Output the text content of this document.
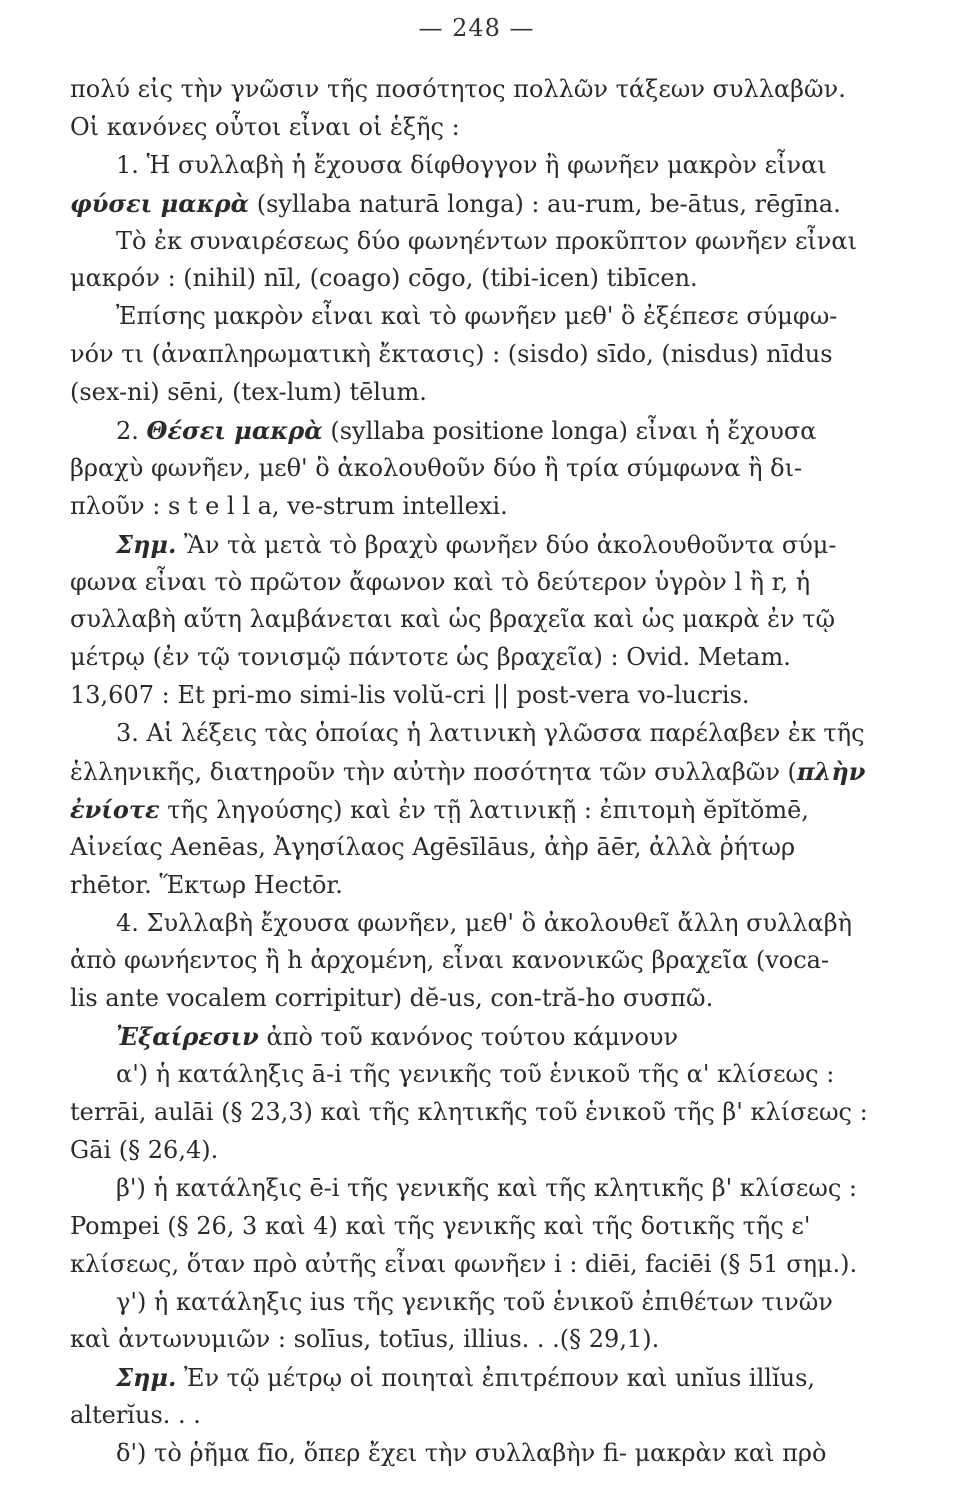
— 248 —
πολύ εἰς τὴν γνῶσιν τῆς ποσότητος πολλῶν τάξεων συλλαβῶν.
Οἱ κανόνες οὗτοι εἶναι οἱ ἑξῆς :
1. Ἡ συλλαβὴ ἡ ἔχουσα δίφθογγον ἢ φωνῆεν μακρὸν εἶναι
φύσει μακρὰ (syllaba naturā longa) : au-rum, be-ātus, rēgīna.
Τὸ ἐκ συναιρέσεως δύο φωνηέντων προκῦπτον φωνῆεν εἶναι
μακρόν : (nihil) nīl, (coago) cōgo, (tibi-icen) tibīcen.
Ἐπίσης μακρὸν εἶναι καὶ τὸ φωνῆεν μεθ' ὃ ἐξέπεσε σύμφω-
νόν τι (ἀναπληρωματικὴ ἔκτασις) : (sisdo) sīdo, (nisdus) nīdus
(sex-ni) sēni, (tex-lum) tēlum.
2. Θέσει μακρὰ (syllaba positione longa) εἶναι ἡ ἔχουσα
βραχὺ φωνῆεν, μεθ' ὃ ἀκολουθοῦν δύο ἢ τρία σύμφωνα ἢ δι-
πλοῦν : s t e l l a, ve-strum intellexi.
Σημ. Ἂν τὰ μετὰ τὸ βραχὺ φωνῆεν δύο ἀκολουθοῦντα σύμ-
φωνα εἶναι τὸ πρῶτον ἄφωνον καὶ τὸ δεύτερον ὑγρὸν l ἢ r, ἡ
συλλαβὴ αὕτη λαμβάνεται καὶ ὡς βραχεῖα καὶ ὡς μακρὰ ἐν τῷ
μέτρῳ (ἐν τῷ τονισμῷ πάντοτε ὡς βραχεῖα) : Ovid. Metam.
13,607 : Et pri-mo simi-lis volŭ-cri || post-vera vo-lucris.
3. Αἱ λέξεις τὰς ὁποίας ἡ λατινικὴ γλῶσσα παρέλαβεν ἐκ τῆς
ἑλληνικῆς, διατηροῦν τὴν αὐτὴν ποσότητα τῶν συλλαβῶν (πλὴν
ἐνίοτε τῆς ληγούσης) καὶ ἐν τῇ λατινικῇ : ἐπιτομὴ ĕpĭtŏmē,
Αἰνείας Aenēas, Ἀγησίλαος Agēsīlāus, ἀὴρ āēr, ἀλλὰ ῥήτωρ
rhētor. Ἕκτωρ Hectōr.
4. Συλλαβὴ ἔχουσα φωνῆεν, μεθ' ὃ ἀκολουθεῖ ἄλλη συλλαβὴ
ἀπὸ φωνήεντος ἢ h ἀρχομένη, εἶναι κανονικῶς βραχεῖα (voca-
lis ante vocalem corripitur) dĕ-us, con-tră-ho συσπῶ.
Ἐξαίρεσιν ἀπὸ τοῦ κανόνος τούτου κάμνουν
α') ἡ κατάληξις ā-i τῆς γενικῆς τοῦ ἑνικοῦ τῆς α' κλίσεως :
terrāi, aulāi (§ 23,3) καὶ τῆς κλητικῆς τοῦ ἑνικοῦ τῆς β' κλίσεως :
Gāi (§ 26,4).
β') ἡ κατάληξις ē-i τῆς γενικῆς καὶ τῆς κλητικῆς β' κλίσεως :
Pompei (§ 26, 3 καὶ 4) καὶ τῆς γενικῆς καὶ τῆς δοτικῆς τῆς ε'
κλίσεως, ὅταν πρὸ αὐτῆς εἶναι φωνῆεν i : diēi, faciēi (§ 51 σημ.).
γ') ἡ κατάληξις ius τῆς γενικῆς τοῦ ἑνικοῦ ἐπιθέτων τινῶν
καὶ ἀντωνυμιῶν : solīus, totīus, illius. . .(§ 29,1).
Σημ. Ἐν τῷ μέτρῳ οἱ ποιηταὶ ἐπιτρέπουν καὶ unĭus illĭus,
alterĭus. . .
δ') τὸ ῥῆμα fīo, ὅπερ ἔχει τὴν συλλαβὴν fi- μακρὰν καὶ πρὸ
